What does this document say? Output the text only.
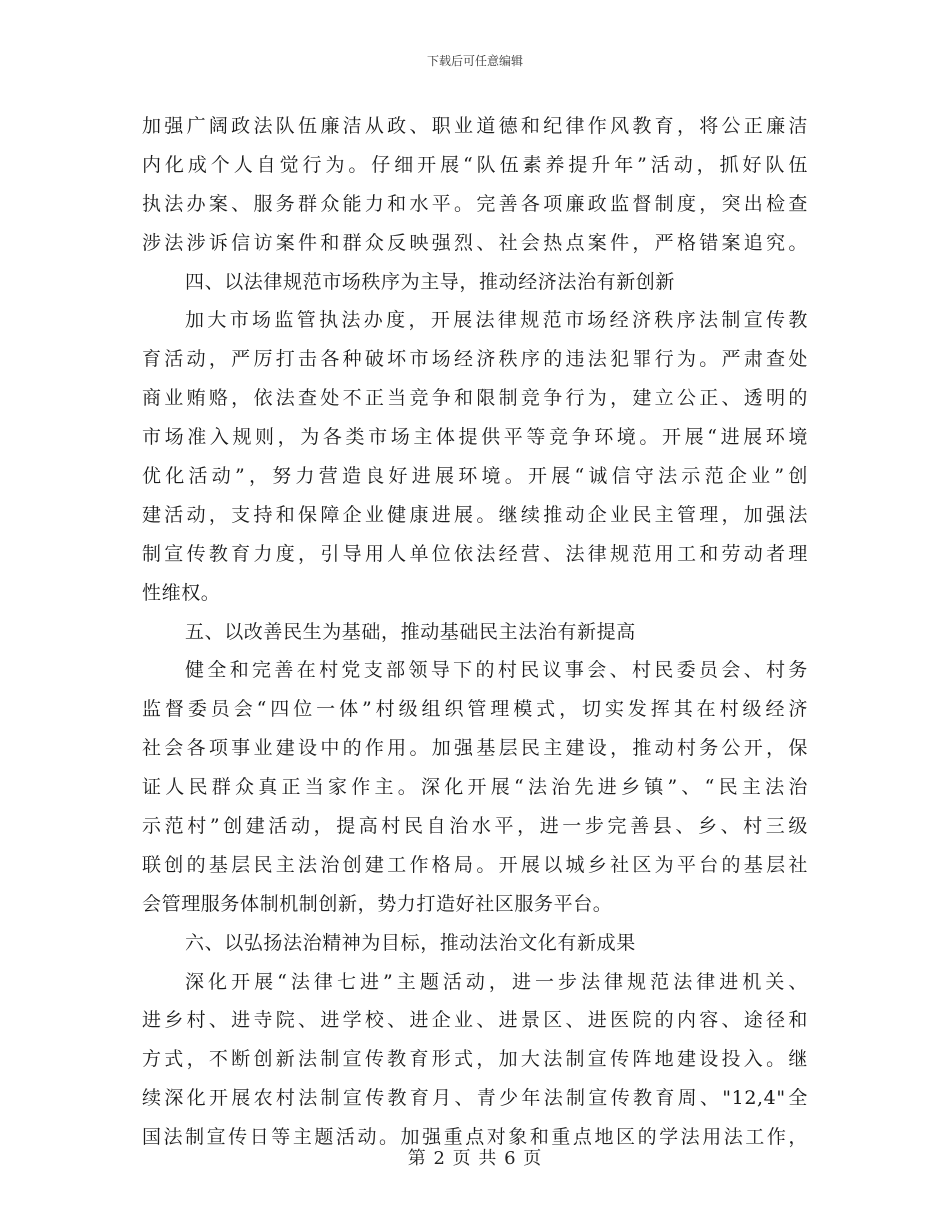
下载后可任意编辑
加强广阔政法队伍廉洁从政、职业道德和纪律作风教育，将公正廉洁
内化成个人自觉行为。仔细开展“队伍素养提升年”活动，抓好队伍
执法办案、服务群众能力和水平。完善各项廉政监督制度，突出检查
涉法涉诉信访案件和群众反映强烈、社会热点案件，严格错案追究。
四、以法律规范市场秩序为主导，推动经济法治有新创新
加大市场监管执法办度，开展法律规范市场经济秩序法制宣传教
育活动，严厉打击各种破坏市场经济秩序的违法犯罪行为。严肃查处
商业贿赂，依法查处不正当竞争和限制竞争行为，建立公正、透明的
市场准入规则，为各类市场主体提供平等竞争环境。开展“进展环境
优化活动”，努力营造良好进展环境。开展“诚信守法示范企业”创
建活动，支持和保障企业健康进展。继续推动企业民主管理，加强法
制宣传教育力度，引导用人单位依法经营、法律规范用工和劳动者理
性维权。
五、以改善民生为基础，推动基础民主法治有新提高
健全和完善在村党支部领导下的村民议事会、村民委员会、村务
监督委员会“四位一体”村级组织管理模式，切实发挥其在村级经济
社会各项事业建设中的作用。加强基层民主建设，推动村务公开，保
证人民群众真正当家作主。深化开展“法治先进乡镇”、“民主法治
示范村”创建活动，提高村民自治水平，进一步完善县、乡、村三级
联创的基层民主法治创建工作格局。开展以城乡社区为平台的基层社
会管理服务体制机制创新，势力打造好社区服务平台。
六、以弘扬法治精神为目标，推动法治文化有新成果
深化开展“法律七进”主题活动，进一步法律规范法律进机关、
进乡村、进寺院、进学校、进企业、进景区、进医院的内容、途径和
方式，不断创新法制宣传教育形式，加大法制宣传阵地建设投入。继
续深化开展农村法制宣传教育月、青少年法制宣传教育周、"12,4"全
国法制宣传日等主题活动。加强重点对象和重点地区的学法用法工作，
第 2 页 共 6 页
